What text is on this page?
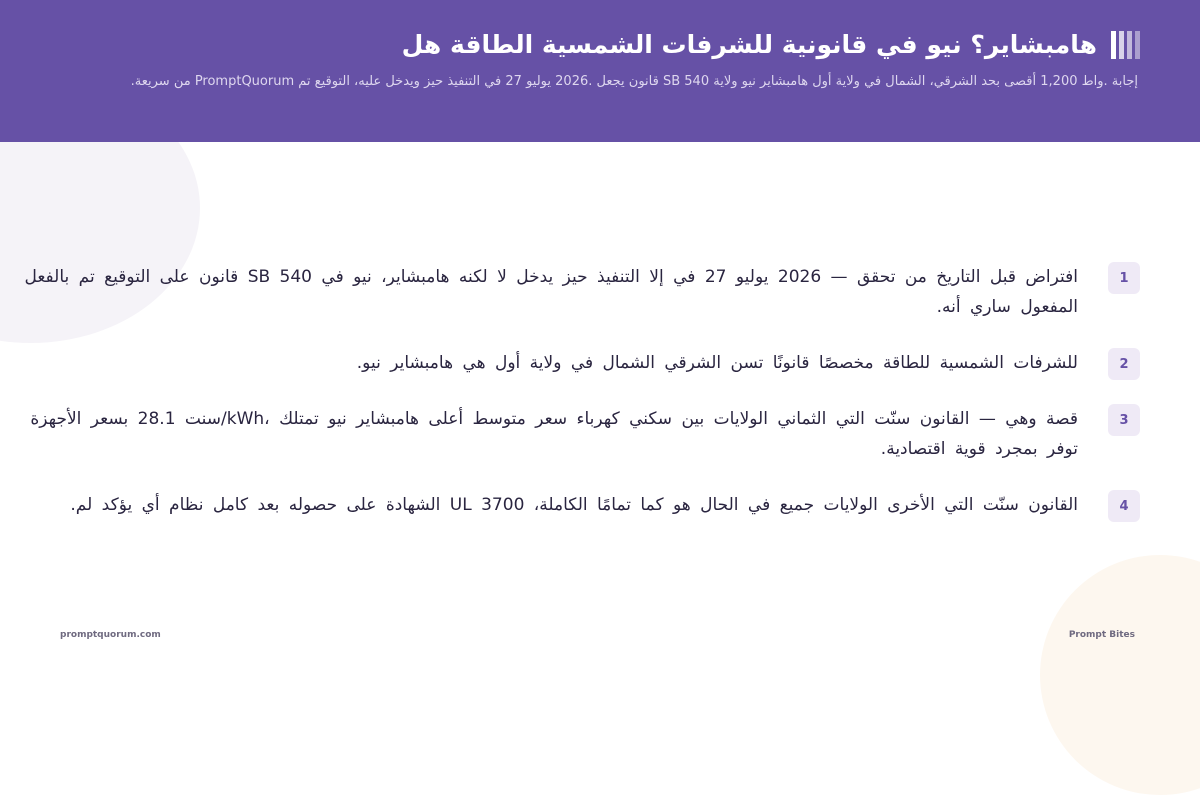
هامبشاير؟ نيو في قانونية للشرفات الشمسية الطاقة هل
إجابة .واط 1,200 أقصى بحد الشرقي، الشمال في ولاية أول هامبشاير نيو ولاية SB 540 قانون يجعل .2026 يوليو 27 في التنفيذ حيز ويدخل عليه، التوقيع تم PromptQuorum من سريعة.
1
افتراض قبل التاريخ من تحقق — 2026 يوليو 27 في إلا التنفيذ حيز يدخل لا لكنه هامبشاير، نيو في SB 540 قانون على التوقيع تم بالفعل المفعول ساري أنه.
2
للشرفات الشمسية للطاقة مخصصًا قانونًا تسن الشرقي الشمال في ولاية أول هي هامبشاير نيو.
3
قصة وهي — القانون سنّت التي الثماني الولايات بين سكني كهرباء سعر متوسط أعلى هامبشاير نيو تمتلك ،kWh/سنت 28.1 بسعر الأجهزة توفر بمجرد قوية اقتصادية.
4
القانون سنّت التي الأخرى الولايات جميع في الحال هو كما تمامًا الكاملة، UL 3700 الشهادة على حصوله بعد كامل نظام أي يؤكد لم.
promptquorum.com	Prompt Bites
